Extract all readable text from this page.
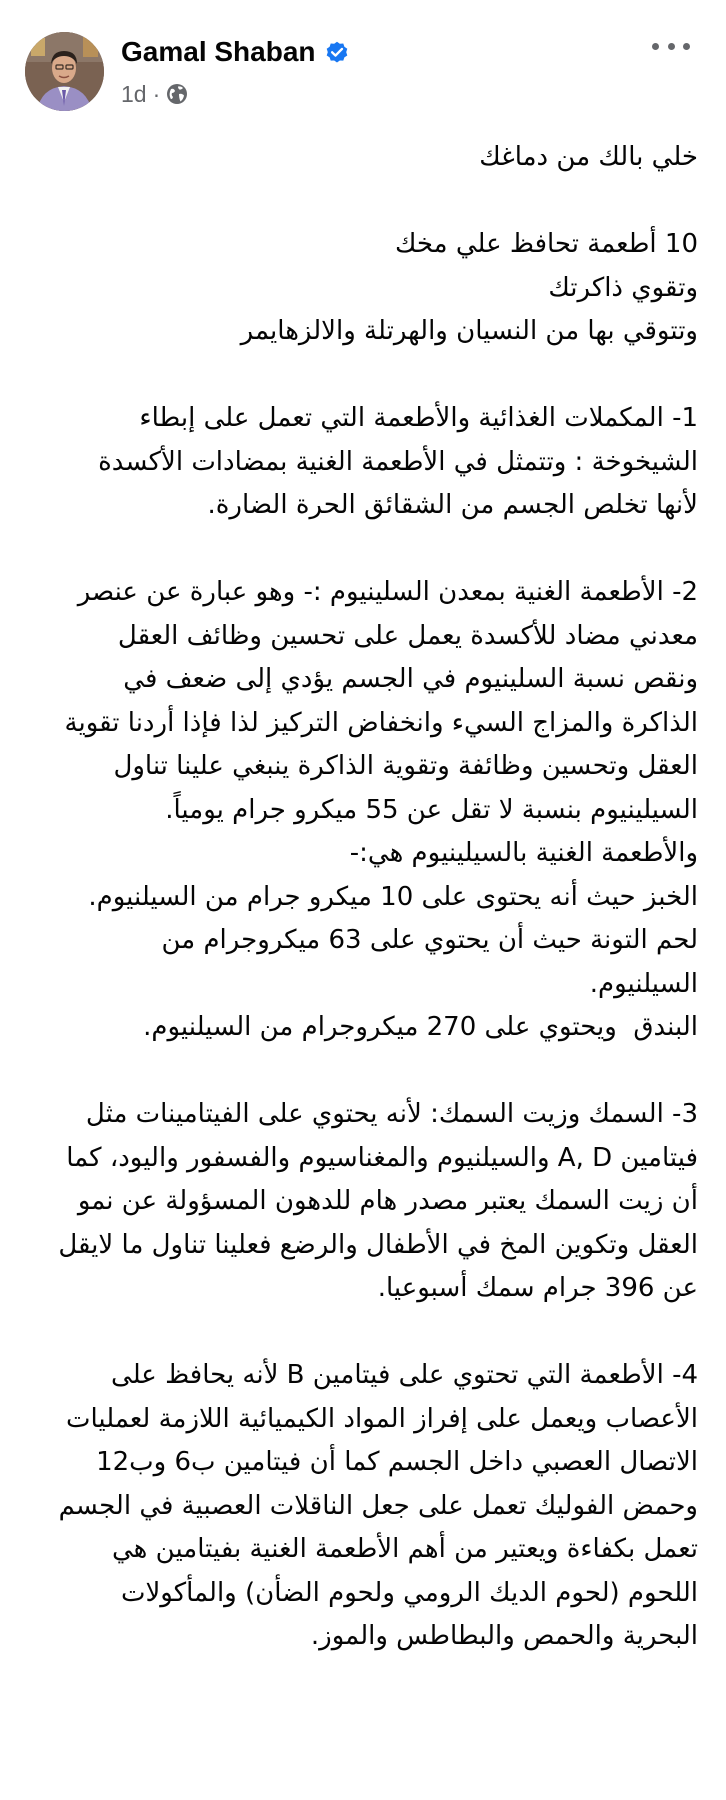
Gamal Shaban
1d ·

خلي بالك من دماغك

10 أطعمة تحافظ علي مخك

وتقوي ذاكرتك

وتتوقي بها من النسيان والهرتلة والالزهايمر

1- المكملات الغذائية والأطعمة التي تعمل على إبطاء

الشيخوخة : وتتمثل في الأطعمة الغنية بمضادات الأكسدة

لأنها تخلص الجسم من الشقائق الحرة الضارة.

2- الأطعمة الغنية بمعدن السلينيوم :- وهو عبارة عن عنصر

معدني مضاد للأكسدة يعمل على تحسين وظائف العقل

ونقص نسبة السلينيوم في الجسم يؤدي إلى ضعف في

الذاكرة والمزاج السيء وانخفاض التركيز لذا فإذا أردنا تقوية

العقل وتحسين وظائفة وتقوية الذاكرة ينبغي علينا تناول

السيلينيوم بنسبة لا تقل عن 55 ميكرو جرام يومياً.

والأطعمة الغنية بالسيلينيوم هي:-

الخبز حيث أنه يحتوى على 10 ميكرو جرام من السيلنيوم.

لحم التونة حيث أن يحتوي على 63 ميكروجرام من

السيلنيوم.

البندق  ويحتوي على 270 ميكروجرام من السيلنيوم.

3- السمك وزيت السمك: لأنه يحتوي على الفيتامينات مثل

فيتامين A, D والسيلنيوم والمغناسيوم والفسفور واليود، كما

أن زيت السمك يعتبر مصدر هام للدهون المسؤولة عن نمو

العقل وتكوين المخ في الأطفال والرضع فعلينا تناول ما لايقل

عن 396 جرام سمك أسبوعيا.

4- الأطعمة التي تحتوي على فيتامين B لأنه يحافظ على

الأعصاب ويعمل على إفراز المواد الكيميائية اللازمة لعمليات

الاتصال العصبي داخل الجسم كما أن فيتامين ب6 وب12

وحمض الفوليك تعمل على جعل الناقلات العصبية في الجسم

تعمل بكفاءة ويعتير من أهم الأطعمة الغنية بفيتامين هي

اللحوم (لحوم الديك الرومي ولحوم الضأن) والمأكولات

البحرية والحمص والبطاطس والموز.
